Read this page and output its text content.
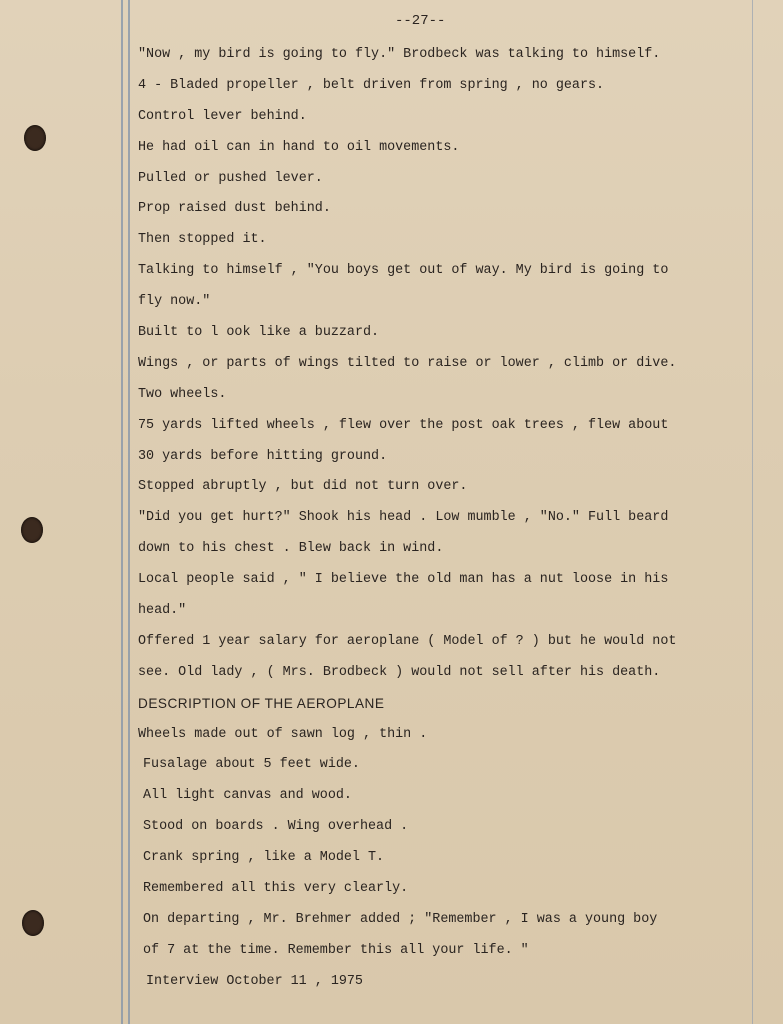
--27--
"Now , my bird is going to fly." Brodbeck was talking to himself.
4 - Bladed propeller , belt driven from spring , no gears.
Control lever behind.
He had oil can in hand to oil movements.
Pulled or pushed lever.
Prop raised dust behind.
Then stopped it.
Talking to himself , "You boys get out of way. My bird is going to
fly now."
Built to l ook like a buzzard.
Wings , or parts of wings tilted to raise or lower , climb or dive.
Two wheels.
75 yards lifted wheels , flew over the post oak trees , flew about
30 yards before hitting ground.
Stopped abruptly , but did not turn over.
"Did you get hurt?" Shook his head . Low mumble , "No." Full beard
down to his chest . Blew back in wind.
Local people said , " I believe the old man has a nut loose in his
head."
Offered 1 year salary for aeroplane ( Model of ? ) but he would not
see. Old lady , ( Mrs. Brodbeck ) would not sell after his death.
DESCRIPTION OF THE AEROPLANE
Wheels made out of sawn log , thin .
Fusalage about 5 feet wide.
All light canvas and wood.
Stood on boards . Wing overhead .
Crank spring , like a Model T.
Remembered all this very clearly.
On departing , Mr. Brehmer added ; "Remember , I was a young boy
of 7 at the time. Remember this all your life. "
Interview October 11 , 1975
